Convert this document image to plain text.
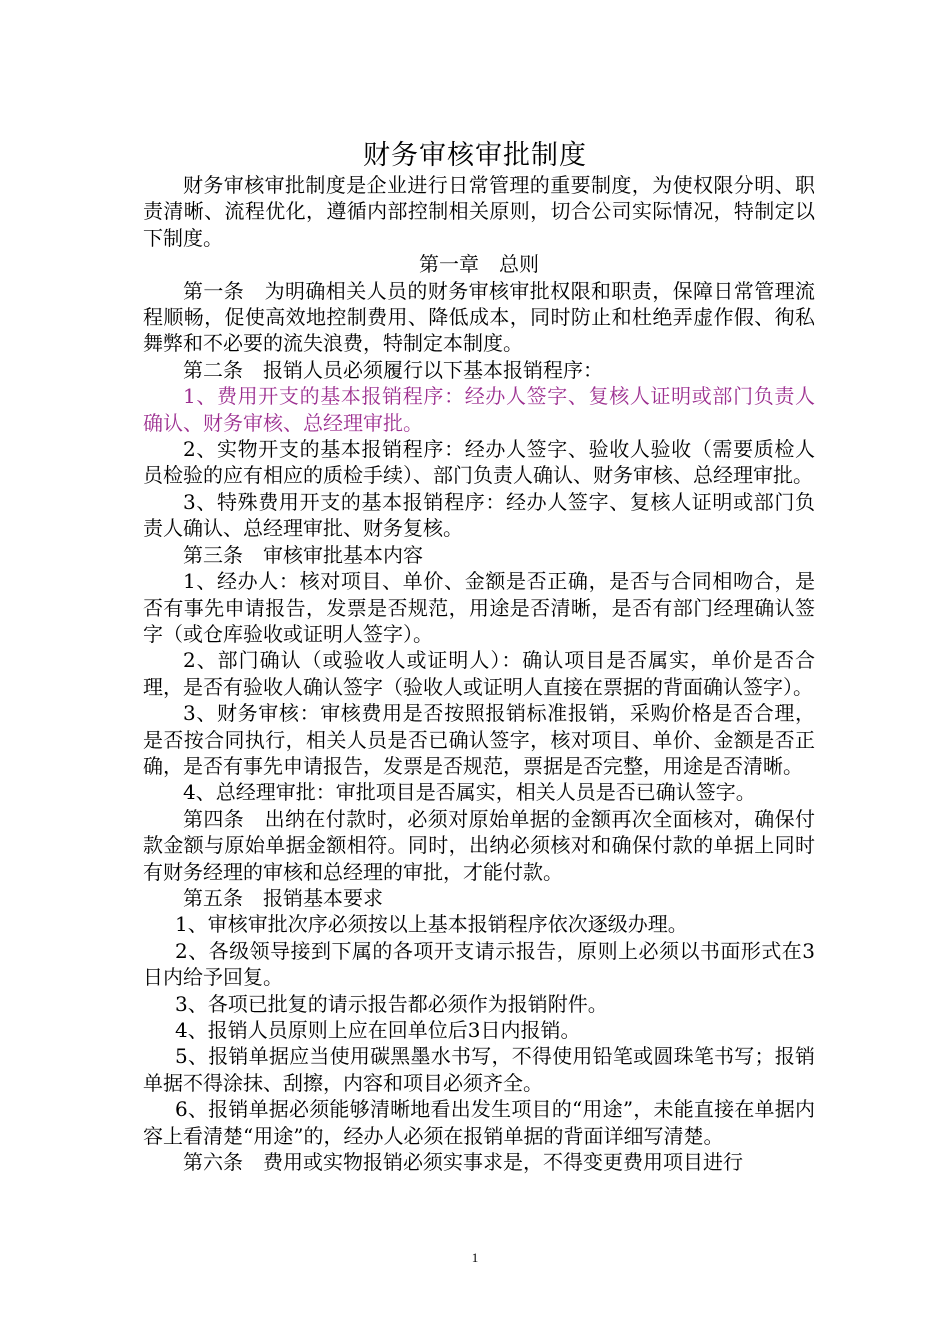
财务审核审批制度

财务审核审批制度是企业进行日常管理的重要制度，为使权限分明、职责清晰、流程优化，遵循内部控制相关原则，切合公司实际情况，特制定以下制度。

第一章　总则

第一条　为明确相关人员的财务审核审批权限和职责，保障日常管理流程顺畅，促使高效地控制费用、降低成本，同时防止和杜绝弄虚作假、徇私舞弊和不必要的流失浪费，特制定本制度。

第二条　报销人员必须履行以下基本报销程序：

1、费用开支的基本报销程序：经办人签字、复核人证明或部门负责人确认、财务审核、总经理审批。

2、实物开支的基本报销程序：经办人签字、验收人验收（需要质检人员检验的应有相应的质检手续）、部门负责人确认、财务审核、总经理审批。

3、特殊费用开支的基本报销程序：经办人签字、复核人证明或部门负责人确认、总经理审批、财务复核。

第三条　审核审批基本内容

1、经办人：核对项目、单价、金额是否正确，是否与合同相吻合，是否有事先申请报告，发票是否规范，用途是否清晰，是否有部门经理确认签字（或仓库验收或证明人签字）。

2、部门确认（或验收人或证明人）：确认项目是否属实，单价是否合理，是否有验收人确认签字（验收人或证明人直接在票据的背面确认签字）。

3、财务审核：审核费用是否按照报销标准报销，采购价格是否合理，是否按合同执行，相关人员是否已确认签字，核对项目、单价、金额是否正确，是否有事先申请报告，发票是否规范，票据是否完整，用途是否清晰。

4、总经理审批：审批项目是否属实，相关人员是否已确认签字。

第四条　出纳在付款时，必须对原始单据的金额再次全面核对，确保付款金额与原始单据金额相符。同时，出纳必须核对和确保付款的单据上同时有财务经理的审核和总经理的审批，才能付款。

第五条　报销基本要求

1、审核审批次序必须按以上基本报销程序依次逐级办理。

2、各级领导接到下属的各项开支请示报告，原则上必须以书面形式在3日内给予回复。

3、各项已批复的请示报告都必须作为报销附件。

4、报销人员原则上应在回单位后3日内报销。

5、报销单据应当使用碳黑墨水书写，不得使用铅笔或圆珠笔书写；报销单据不得涂抹、刮擦，内容和项目必须齐全。

6、报销单据必须能够清晰地看出发生项目的“用途”，未能直接在单据内容上看清楚“用途”的，经办人必须在报销单据的背面详细写清楚。

第六条　费用或实物报销必须实事求是，不得变更费用项目进行

1
